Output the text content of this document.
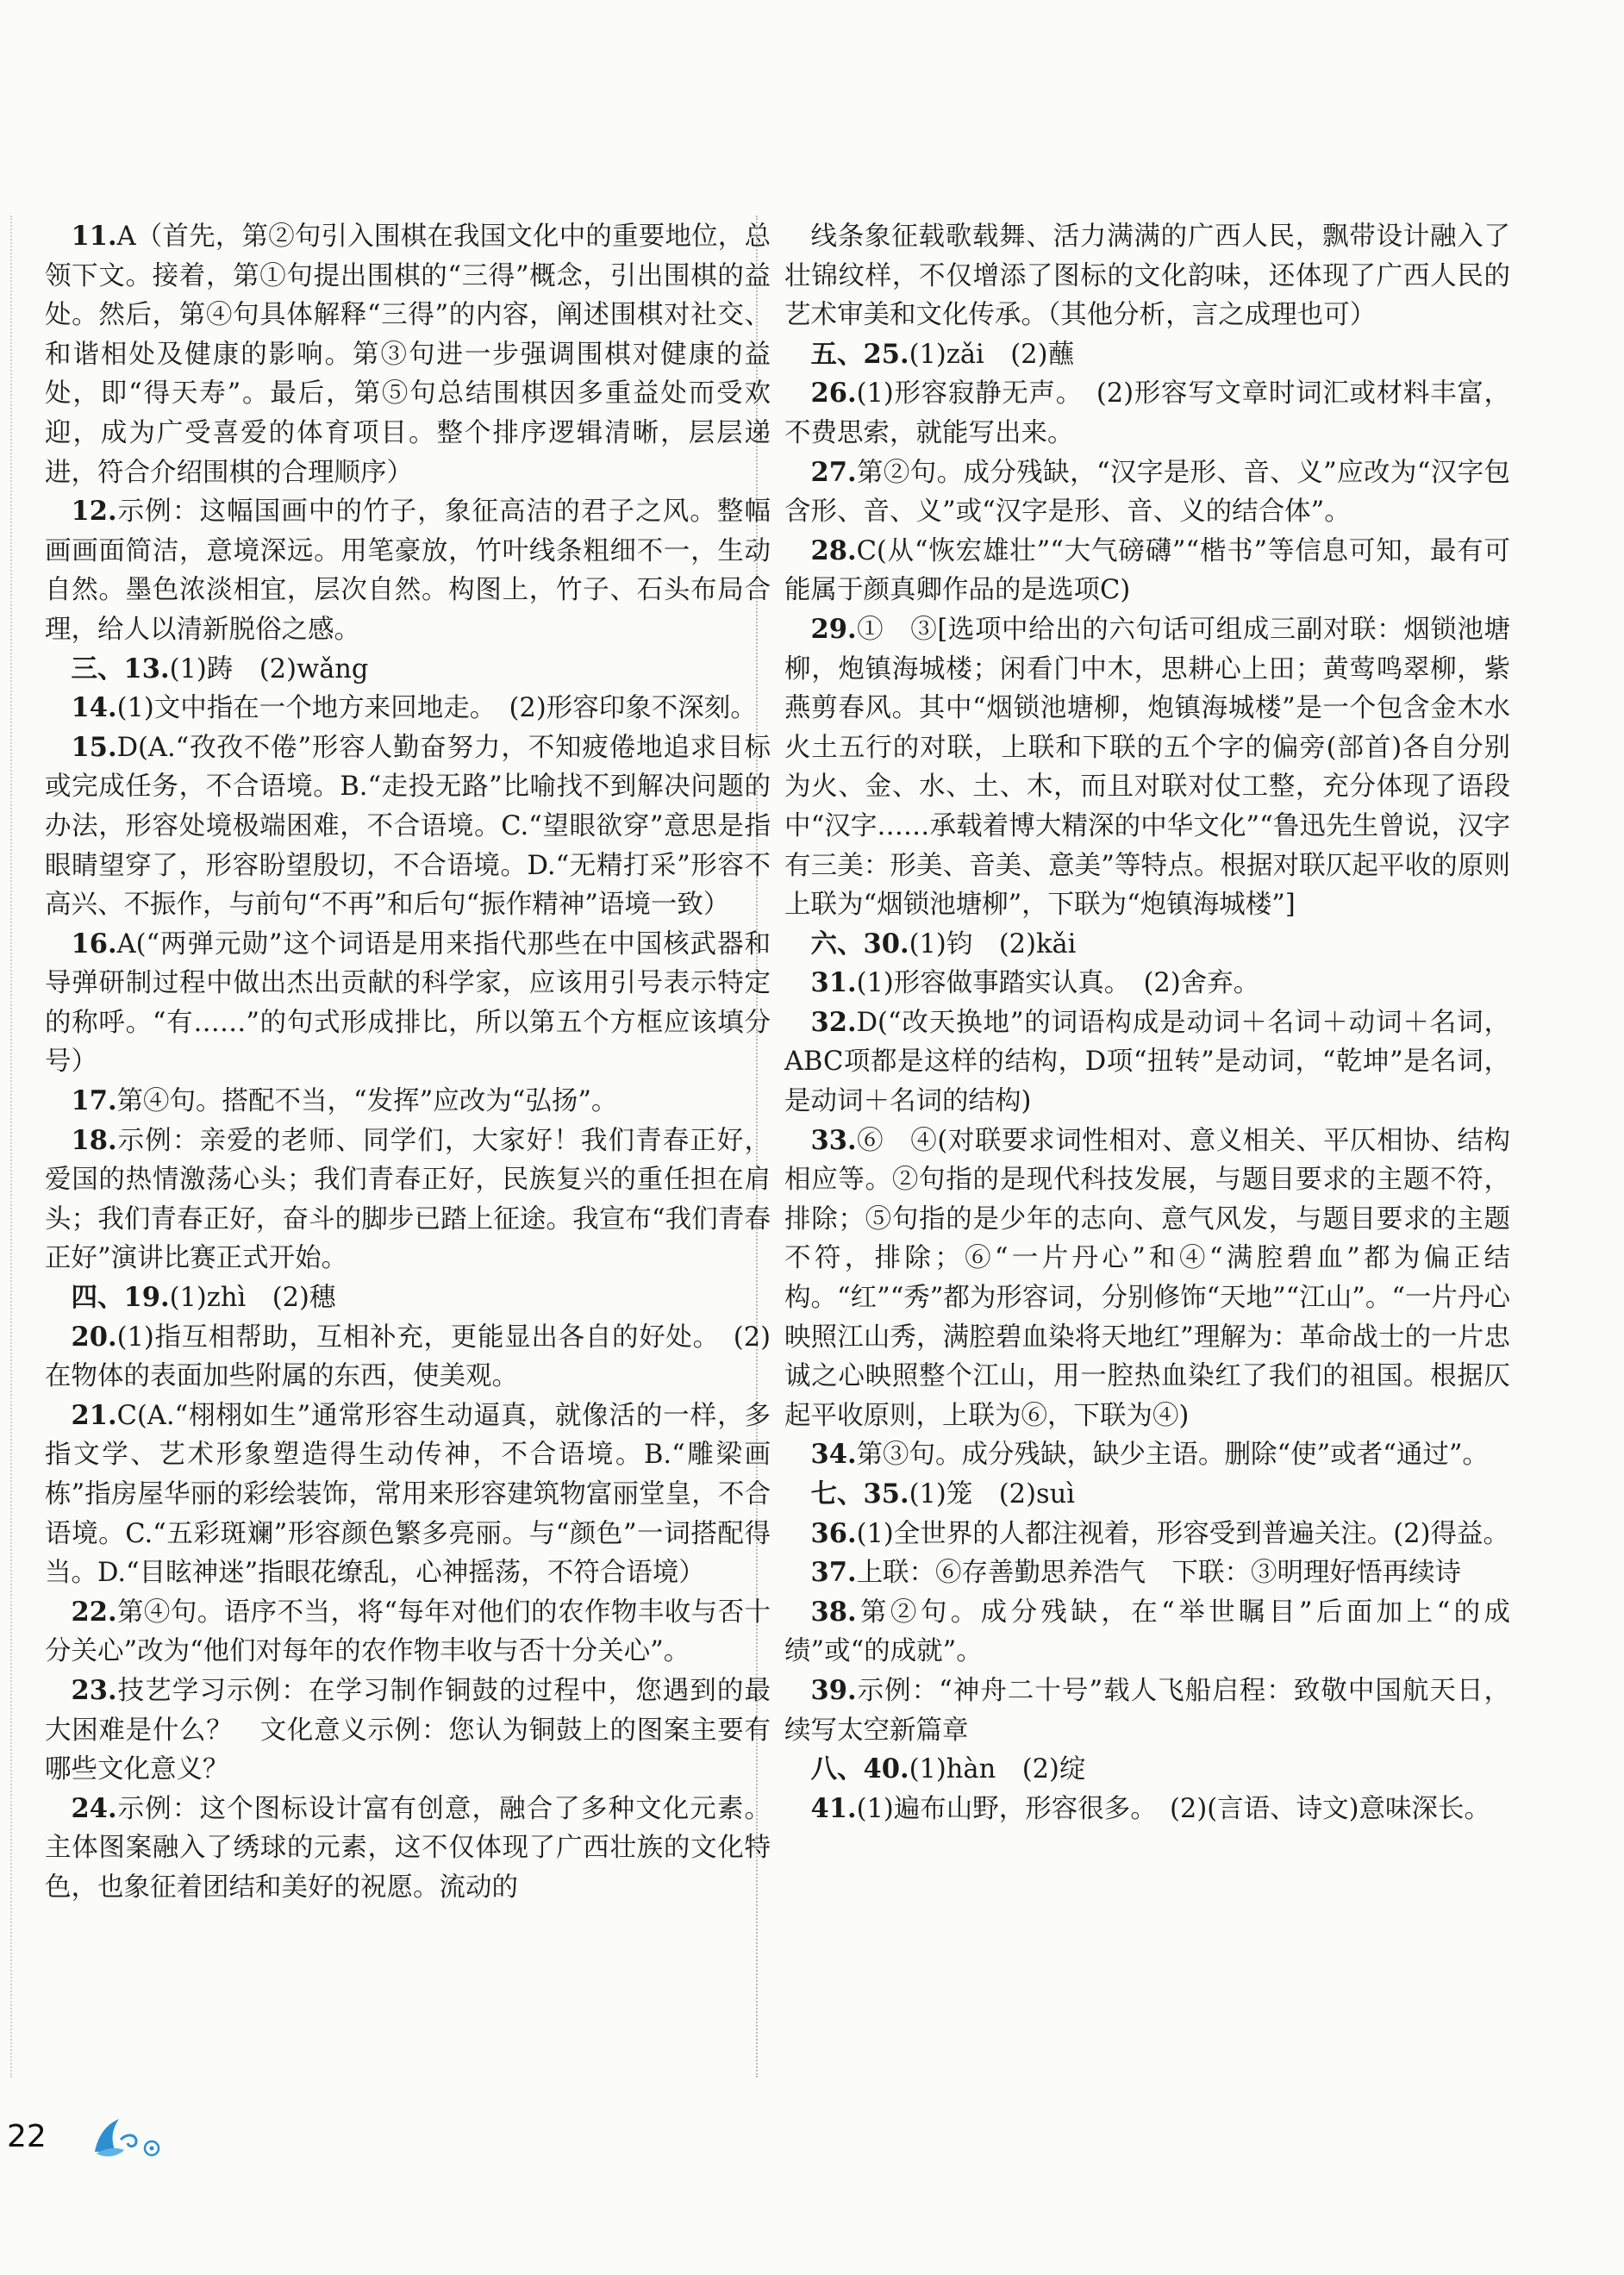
11.A（首先，第②句引入围棋在我国文化中的重要地位，总领下文。接着，第①句提出围棋的“三得”概念，引出围棋的益处。然后，第④句具体解释“三得”的内容，阐述围棋对社交、和谐相处及健康的影响。第③句进一步强调围棋对健康的益处，即“得天寿”。最后，第⑤句总结围棋因多重益处而受欢迎，成为广受喜爱的体育项目。整个排序逻辑清晰，层层递进，符合介绍围棋的合理顺序）

12.示例：这幅国画中的竹子，象征高洁的君子之风。整幅画画面简洁，意境深远。用笔豪放，竹叶线条粗细不一，生动自然。墨色浓淡相宜，层次自然。构图上，竹子、石头布局合理，给人以清新脱俗之感。

三、13.(1)踌　(2)wǎng

14.(1)文中指在一个地方来回地走。　(2)形容印象不深刻。

15.D(A.“孜孜不倦”形容人勤奋努力，不知疲倦地追求目标或完成任务，不合语境。B.“走投无路”比喻找不到解决问题的办法，形容处境极端困难，不合语境。C.“望眼欲穿”意思是指眼睛望穿了，形容盼望殷切，不合语境。D.“无精打采”形容不高兴、不振作，与前句“不再”和后句“振作精神”语境一致）

16.A(“两弹元勋”这个词语是用来指代那些在中国核武器和导弹研制过程中做出杰出贡献的科学家，应该用引号表示特定的称呼。“有……”的句式形成排比，所以第五个方框应该填分号）

17.第④句。搭配不当，“发挥”应改为“弘扬”。

18.示例：亲爱的老师、同学们，大家好！我们青春正好，爱国的热情激荡心头；我们青春正好，民族复兴的重任担在肩头；我们青春正好，奋斗的脚步已踏上征途。我宣布“我们青春正好”演讲比赛正式开始。

四、19.(1)zhì　(2)穗

20.(1)指互相帮助，互相补充，更能显出各自的好处。　(2)在物体的表面加些附属的东西，使美观。

21.C(A.“栩栩如生”通常形容生动逼真，就像活的一样，多指文学、艺术形象塑造得生动传神，不合语境。B.“雕梁画栋”指房屋华丽的彩绘装饰，常用来形容建筑物富丽堂皇，不合语境。C.“五彩斑斓”形容颜色繁多亮丽。与“颜色”一词搭配得当。D.“目眩神迷”指眼花缭乱，心神摇荡，不符合语境）

22.第④句。语序不当，将“每年对他们的农作物丰收与否十分关心”改为“他们对每年的农作物丰收与否十分关心”。

23.技艺学习示例：在学习制作铜鼓的过程中，您遇到的最大困难是什么？　文化意义示例：您认为铜鼓上的图案主要有哪些文化意义？

24.示例：这个图标设计富有创意，融合了多种文化元素。主体图案融入了绣球的元素，这不仅体现了广西壮族的文化特色，也象征着团结和美好的祝愿。流动的

线条象征载歌载舞、活力满满的广西人民，飘带设计融入了壮锦纹样，不仅增添了图标的文化韵味，还体现了广西人民的艺术审美和文化传承。（其他分析，言之成理也可）

五、25.(1)zǎi　(2)蘸

26.(1)形容寂静无声。　(2)形容写文章时词汇或材料丰富，不费思索，就能写出来。

27.第②句。成分残缺，“汉字是形、音、义”应改为“汉字包含形、音、义”或“汉字是形、音、义的结合体”。

28.C(从“恢宏雄壮”“大气磅礴”“楷书”等信息可知，最有可能属于颜真卿作品的是选项C)

29.①　③[选项中给出的六句话可组成三副对联：烟锁池塘柳，炮镇海城楼；闲看门中木，思耕心上田；黄莺鸣翠柳，紫燕剪春风。其中“烟锁池塘柳，炮镇海城楼”是一个包含金木水火土五行的对联，上联和下联的五个字的偏旁(部首)各自分别为火、金、水、土、木，而且对联对仗工整，充分体现了语段中“汉字……承载着博大精深的中华文化”“鲁迅先生曾说，汉字有三美：形美、音美、意美”等特点。根据对联仄起平收的原则上联为“烟锁池塘柳”，下联为“炮镇海城楼”]

六、30.(1)钧　(2)kǎi

31.(1)形容做事踏实认真。　(2)舍弃。

32.D(“改天换地”的词语构成是动词＋名词＋动词＋名词，ABC项都是这样的结构，D项“扭转”是动词，“乾坤”是名词，是动词＋名词的结构)

33.⑥　④(对联要求词性相对、意义相关、平仄相协、结构相应等。②句指的是现代科技发展，与题目要求的主题不符，排除；⑤句指的是少年的志向、意气风发，与题目要求的主题不符，排除；⑥“一片丹心”和④“满腔碧血”都为偏正结构。“红”“秀”都为形容词，分别修饰“天地”“江山”。“一片丹心映照江山秀，满腔碧血染将天地红”理解为：革命战士的一片忠诚之心映照整个江山，用一腔热血染红了我们的祖国。根据仄起平收原则，上联为⑥，下联为④)

34.第③句。成分残缺，缺少主语。删除“使”或者“通过”。

七、35.(1)笼　(2)suì

36.(1)全世界的人都注视着，形容受到普遍关注。(2)得益。

37.上联：⑥存善勤思养浩气　下联：③明理好悟再续诗

38.第②句。成分残缺，在“举世瞩目”后面加上“的成绩”或“的成就”。

39.示例：“神舟二十号”载人飞船启程：致敬中国航天日，续写太空新篇章

八、40.(1)hàn　(2)绽

41.(1)遍布山野，形容很多。　(2)(言语、诗文)意味深长。

22
